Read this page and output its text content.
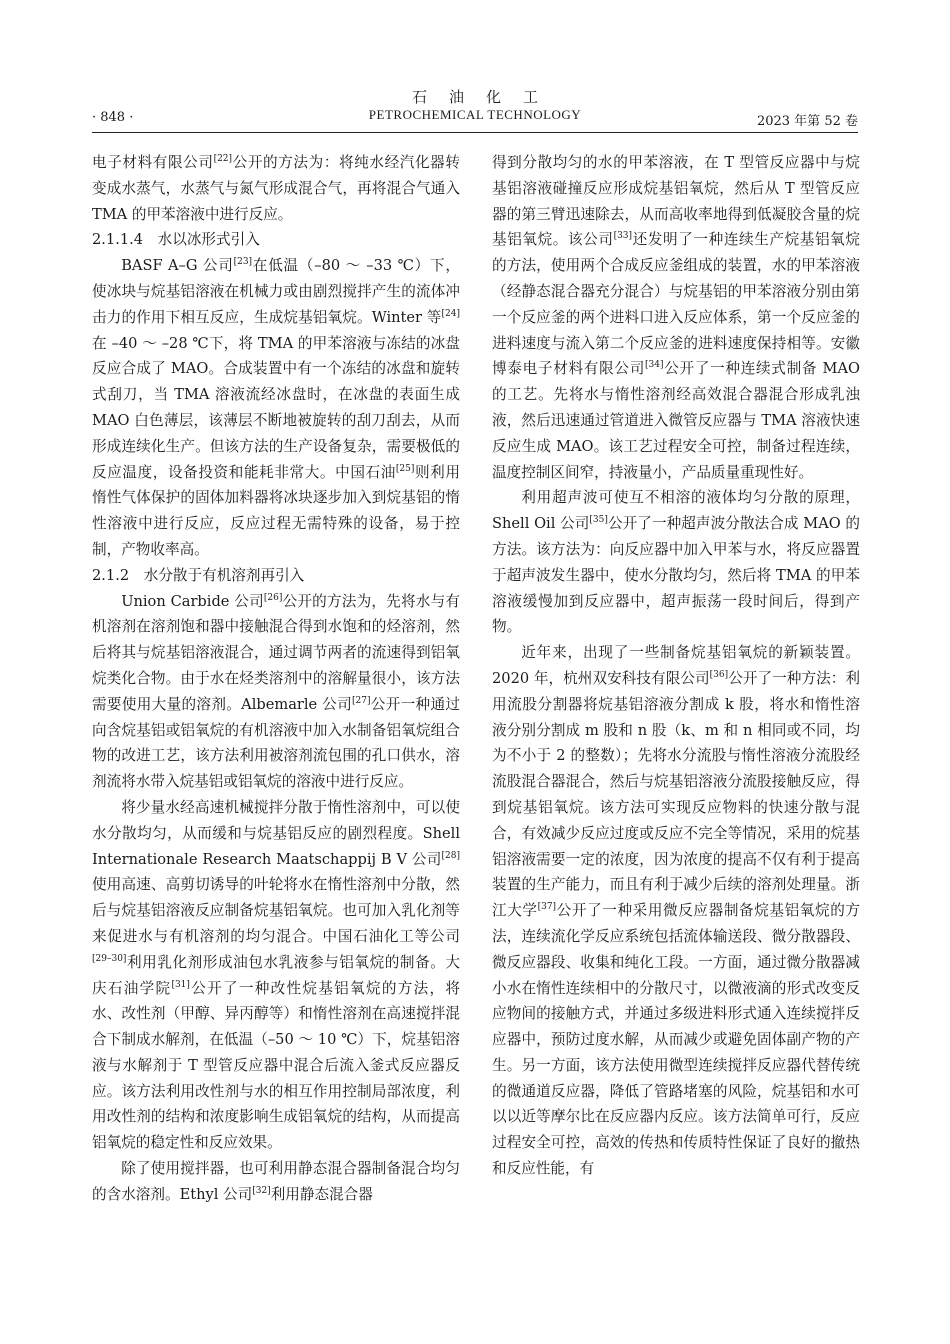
石油化工
PETROCHEMICAL TECHNOLOGY
· 848 ·	2023 年第 52 卷

电子材料有限公司[22]公开的方法为：将纯水经汽化器转变成水蒸气，水蒸气与氮气形成混合气，再将混合气通入 TMA 的甲苯溶液中进行反应。

2.1.1.4　水以冰形式引入

BASF A–G 公司[23]在低温（–80 ～ –33 ℃）下，使冰块与烷基铝溶液在机械力或由剧烈搅拌产生的流体冲击力的作用下相互反应，生成烷基铝氧烷。Winter 等[24]在 –40 ～ –28 ℃下，将 TMA 的甲苯溶液与冻结的冰盘反应合成了 MAO。合成装置中有一个冻结的冰盘和旋转式刮刀，当 TMA 溶液流经冰盘时，在冰盘的表面生成 MAO 白色薄层，该薄层不断地被旋转的刮刀刮去，从而形成连续化生产。但该方法的生产设备复杂，需要极低的反应温度，设备投资和能耗非常大。中国石油[25]则利用惰性气体保护的固体加料器将冰块逐步加入到烷基铝的惰性溶液中进行反应，反应过程无需特殊的设备，易于控制，产物收率高。

2.1.2　水分散于有机溶剂再引入

Union Carbide 公司[26]公开的方法为，先将水与有机溶剂在溶剂饱和器中接触混合得到水饱和的烃溶剂，然后将其与烷基铝溶液混合，通过调节两者的流速得到铝氧烷类化合物。由于水在烃类溶剂中的溶解量很小，该方法需要使用大量的溶剂。Albemarle 公司[27]公开一种通过向含烷基铝或铝氧烷的有机溶液中加入水制备铝氧烷组合物的改进工艺，该方法利用被溶剂流包围的孔口供水，溶剂流将水带入烷基铝或铝氧烷的溶液中进行反应。

将少量水经高速机械搅拌分散于惰性溶剂中，可以使水分散均匀，从而缓和与烷基铝反应的剧烈程度。Shell Internationale Research Maatschappij B V 公司[28]使用高速、高剪切诱导的叶轮将水在惰性溶剂中分散，然后与烷基铝溶液反应制备烷基铝氧烷。也可加入乳化剂等来促进水与有机溶剂的均匀混合。中国石油化工等公司[29–30]利用乳化剂形成油包水乳液参与铝氧烷的制备。大庆石油学院[31]公开了一种改性烷基铝氧烷的方法，将水、改性剂（甲醇、异丙醇等）和惰性溶剂在高速搅拌混合下制成水解剂，在低温（–50 ～ 10 ℃）下，烷基铝溶液与水解剂于 T 型管反应器中混合后流入釜式反应器反应。该方法利用改性剂与水的相互作用控制局部浓度，利用改性剂的结构和浓度影响生成铝氧烷的结构，从而提高铝氧烷的稳定性和反应效果。

除了使用搅拌器，也可利用静态混合器制备混合均匀的含水溶剂。Ethyl 公司[32]利用静态混合器

得到分散均匀的水的甲苯溶液，在 T 型管反应器中与烷基铝溶液碰撞反应形成烷基铝氧烷，然后从 T 型管反应器的第三臂迅速除去，从而高收率地得到低凝胶含量的烷基铝氧烷。该公司[33]还发明了一种连续生产烷基铝氧烷的方法，使用两个合成反应釜组成的装置，水的甲苯溶液（经静态混合器充分混合）与烷基铝的甲苯溶液分别由第一个反应釜的两个进料口进入反应体系，第一个反应釜的进料速度与流入第二个反应釜的进料速度保持相等。安徽博泰电子材料有限公司[34]公开了一种连续式制备 MAO 的工艺。先将水与惰性溶剂经高效混合器混合形成乳浊液，然后迅速通过管道进入微管反应器与 TMA 溶液快速反应生成 MAO。该工艺过程安全可控，制备过程连续，温度控制区间窄，持液量小，产品质量重现性好。

利用超声波可使互不相溶的液体均匀分散的原理，Shell Oil 公司[35]公开了一种超声波分散法合成 MAO 的方法。该方法为：向反应器中加入甲苯与水，将反应器置于超声波发生器中，使水分散均匀，然后将 TMA 的甲苯溶液缓慢加到反应器中，超声振荡一段时间后，得到产物。

近年来，出现了一些制备烷基铝氧烷的新颖装置。2020 年，杭州双安科技有限公司[36]公开了一种方法：利用流股分割器将烷基铝溶液分割成 k 股，将水和惰性溶液分别分割成 m 股和 n 股（k、m 和 n 相同或不同，均为不小于 2 的整数）；先将水分流股与惰性溶液分流股经流股混合器混合，然后与烷基铝溶液分流股接触反应，得到烷基铝氧烷。该方法可实现反应物料的快速分散与混合，有效减少反应过度或反应不完全等情况，采用的烷基铝溶液需要一定的浓度，因为浓度的提高不仅有利于提高装置的生产能力，而且有利于减少后续的溶剂处理量。浙江大学[37]公开了一种采用微反应器制备烷基铝氧烷的方法，连续流化学反应系统包括流体输送段、微分散器段、微反应器段、收集和纯化工段。一方面，通过微分散器减小水在惰性连续相中的分散尺寸，以微液滴的形式改变反应物间的接触方式，并通过多级进料形式通入连续搅拌反应器中，预防过度水解，从而减少或避免固体副产物的产生。另一方面，该方法使用微型连续搅拌反应器代替传统的微通道反应器，降低了管路堵塞的风险，烷基铝和水可以以近等摩尔比在反应器内反应。该方法简单可行，反应过程安全可控，高效的传热和传质特性保证了良好的撤热和反应性能，有
